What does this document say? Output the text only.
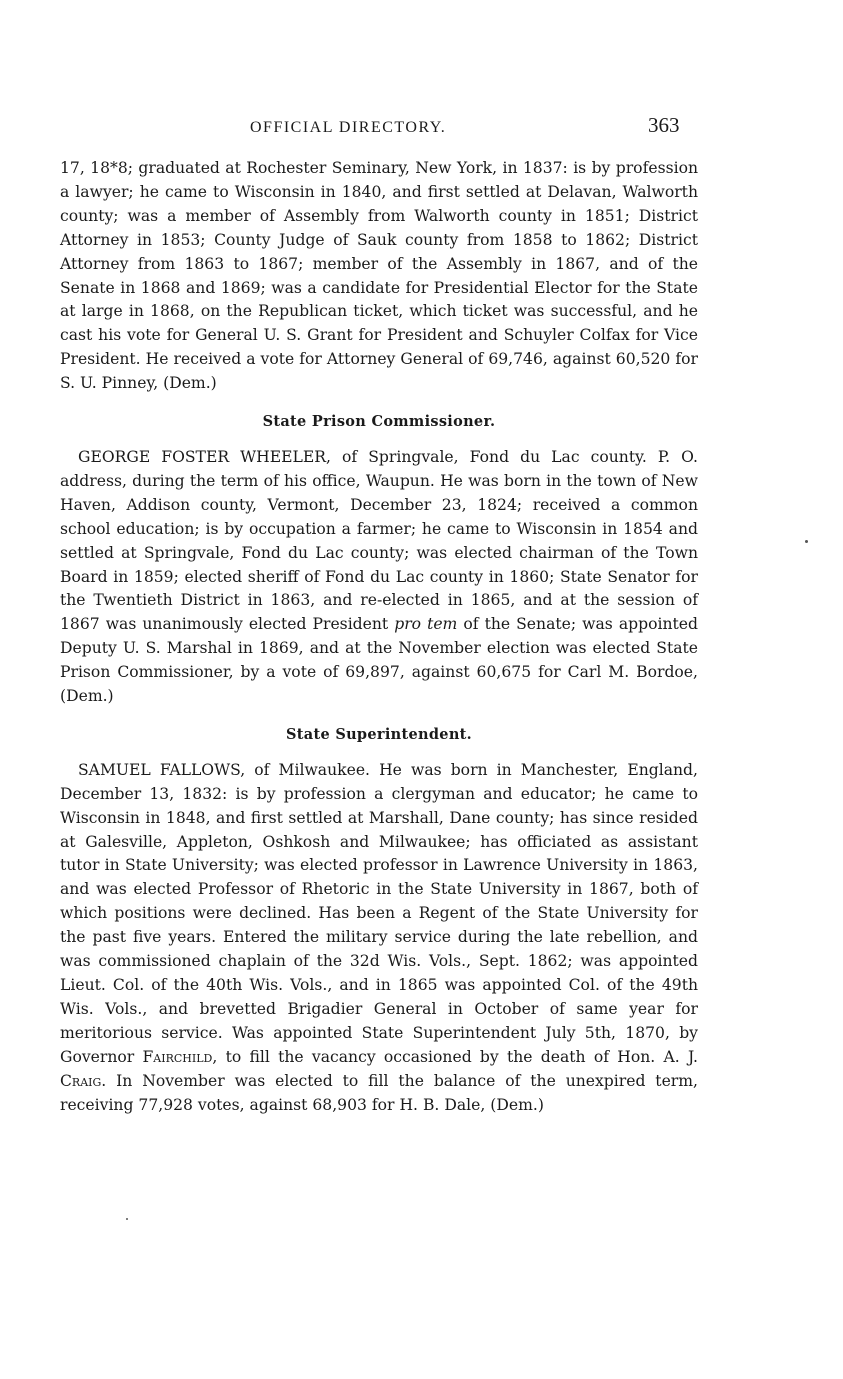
OFFICIAL DIRECTORY.	363

17, 18*8; graduated at Rochester Seminary, New York, in 1837: is by profession a lawyer; he came to Wisconsin in 1840, and first settled at Delavan, Walworth county; was a member of Assembly from Walworth county in 1851; District Attorney in 1853; County Judge of Sauk county from 1858 to 1862; District Attorney from 1863 to 1867; member of the Assembly in 1867, and of the Senate in 1868 and 1869; was a candidate for Presidential Elector for the State at large in 1868, on the Republican ticket, which ticket was successful, and he cast his vote for General U. S. Grant for President and Schuyler Colfax for Vice President. He received a vote for Attorney General of 69,746, against 60,520 for S. U. Pinney, (Dem.)

State Prison Commissioner.

GEORGE FOSTER WHEELER, of Springvale, Fond du Lac county. P. O. address, during the term of his office, Waupun. He was born in the town of New Haven, Addison county, Vermont, December 23, 1824; received a common school education; is by occupation a farmer; he came to Wisconsin in 1854 and settled at Springvale, Fond du Lac county; was elected chairman of the Town Board in 1859; elected sheriff of Fond du Lac county in 1860; State Senator for the Twentieth District in 1863, and re-elected in 1865, and at the session of 1867 was unanimously elected President pro tem of the Senate; was appointed Deputy U. S. Marshal in 1869, and at the November election was elected State Prison Commissioner, by a vote of 69,897, against 60,675 for Carl M. Bordoe, (Dem.)

State Superintendent.

SAMUEL FALLOWS, of Milwaukee. He was born in Manchester, England, December 13, 1832: is by profession a clergyman and educator; he came to Wisconsin in 1848, and first settled at Marshall, Dane county; has since resided at Galesville, Appleton, Oshkosh and Milwaukee; has officiated as assistant tutor in State University; was elected professor in Lawrence University in 1863, and was elected Professor of Rhetoric in the State University in 1867, both of which positions were declined. Has been a Regent of the State University for the past five years. Entered the military service during the late rebellion, and was commissioned chaplain of the 32d Wis. Vols., Sept. 1862; was appointed Lieut. Col. of the 40th Wis. Vols., and in 1865 was appointed Col. of the 49th Wis. Vols., and brevetted Brigadier General in October of same year for meritorious service. Was appointed State Superintendent July 5th, 1870, by Governor Fairchild, to fill the vacancy occasioned by the death of Hon. A. J. Craig. In November was elected to fill the balance of the unexpired term, receiving 77,928 votes, against 68,903 for H. B. Dale, (Dem.)
